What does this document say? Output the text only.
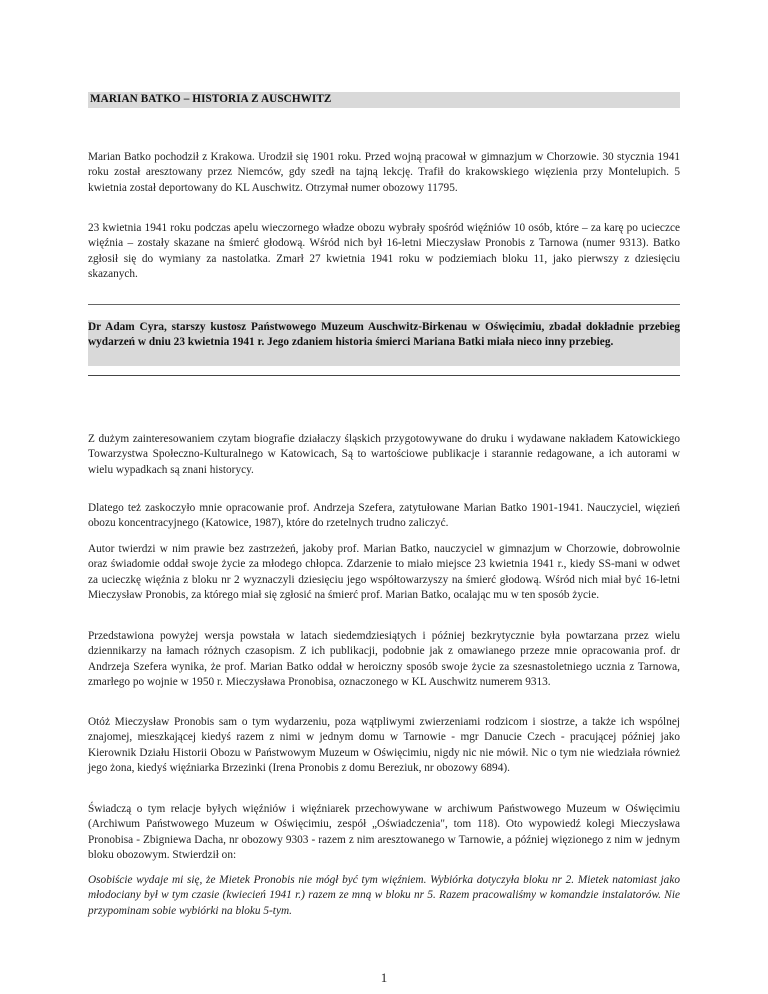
MARIAN BATKO – HISTORIA Z AUSCHWITZ

Marian Batko pochodził z Krakowa. Urodził się 1901 roku. Przed wojną pracował w gimnazjum w Chorzowie. 30 stycznia 1941 roku został aresztowany przez Niemców, gdy szedł na tajną lekcję. Trafił do krakowskiego więzienia przy Montelupich. 5 kwietnia został deportowany do KL Auschwitz. Otrzymał numer obozowy 11795.

23 kwietnia 1941 roku podczas apelu wieczornego władze obozu wybrały spośród więźniów 10 osób, które – za karę po ucieczce więźnia – zostały skazane na śmierć głodową. Wśród nich był 16-letni Mieczysław Pronobis z Tarnowa (numer 9313). Batko zgłosił się do wymiany za nastolatka. Zmarł 27 kwietnia 1941 roku w podziemiach bloku 11, jako pierwszy z dziesięciu skazanych.

Dr Adam Cyra, starszy kustosz Państwowego Muzeum Auschwitz-Birkenau w Oświęcimiu, zbadał dokładnie przebieg wydarzeń w dniu 23 kwietnia 1941 r. Jego zdaniem historia śmierci Mariana Batki miała nieco inny przebieg.

Z dużym zainteresowaniem czytam biografie działaczy śląskich przygotowywane do druku i wydawane nakładem Katowickiego Towarzystwa Społeczno-Kulturalnego w Katowicach, Są to wartościowe publikacje i starannie redagowane, a ich autorami w wielu wypadkach są znani historycy.

Dlatego też zaskoczyło mnie opracowanie prof. Andrzeja Szefera, zatytułowane Marian Batko 1901-1941. Nauczyciel, więzień obozu koncentracyjnego (Katowice, 1987), które do rzetelnych trudno zaliczyć.

Autor twierdzi w nim prawie bez zastrzeżeń, jakoby prof. Marian Batko, nauczyciel w gimnazjum w Chorzowie, dobrowolnie oraz świadomie oddał swoje życie za młodego chłopca. Zdarzenie to miało miejsce 23 kwietnia 1941 r., kiedy SS-mani w odwet za ucieczkę więźnia z bloku nr 2 wyznaczyli dziesięciu jego współtowarzyszy na śmierć głodową. Wśród nich miał być 16-letni Mieczysław Pronobis, za którego miał się zgłosić na śmierć prof. Marian Batko, ocalając mu w ten sposób życie.

Przedstawiona powyżej wersja powstała w latach siedemdziesiątych i później bezkrytycznie była powtarzana przez wielu dziennikarzy na łamach różnych czasopism. Z ich publikacji, podobnie jak z omawianego przeze mnie opracowania prof. dr Andrzeja Szefera wynika, że prof. Marian Batko oddał w heroiczny sposób swoje życie za szesnastoletniego ucznia z Tarnowa, zmarłego po wojnie w 1950 r. Mieczysława Pronobisa, oznaczonego w KL Auschwitz numerem 9313.

Otóż Mieczysław Pronobis sam o tym wydarzeniu, poza wątpliwymi zwierzeniami rodzicom i siostrze, a także ich wspólnej znajomej, mieszkającej kiedyś razem z nimi w jednym domu w Tarnowie - mgr Danucie Czech - pracującej później jako Kierownik Działu Historii Obozu w Państwowym Muzeum w Oświęcimiu, nigdy nic nie mówił. Nic o tym nie wiedziała również jego żona, kiedyś więźniarka Brzezinki (Irena Pronobis z domu Bereziuk, nr obozowy 6894).

Świadczą o tym relacje byłych więźniów i więźniarek przechowywane w archiwum Państwowego Muzeum w Oświęcimiu (Archiwum Państwowego Muzeum w Oświęcimiu, zespół „Oświadczenia", tom 118). Oto wypowiedź kolegi Mieczysława Pronobisa - Zbigniewa Dacha, nr obozowy 9303 - razem z nim aresztowanego w Tarnowie, a później więzionego z nim w jednym bloku obozowym. Stwierdził on:

Osobiście wydaje mi się, że Mietek Pronobis nie mógł być tym więźniem. Wybiórka dotyczyła bloku nr 2. Mietek natomiast jako młodociany był w tym czasie (kwiecień 1941 r.) razem ze mną w bloku nr 5. Razem pracowaliśmy w komandzie instalatorów. Nie przypominam sobie wybiórki na bloku 5-tym.

1
